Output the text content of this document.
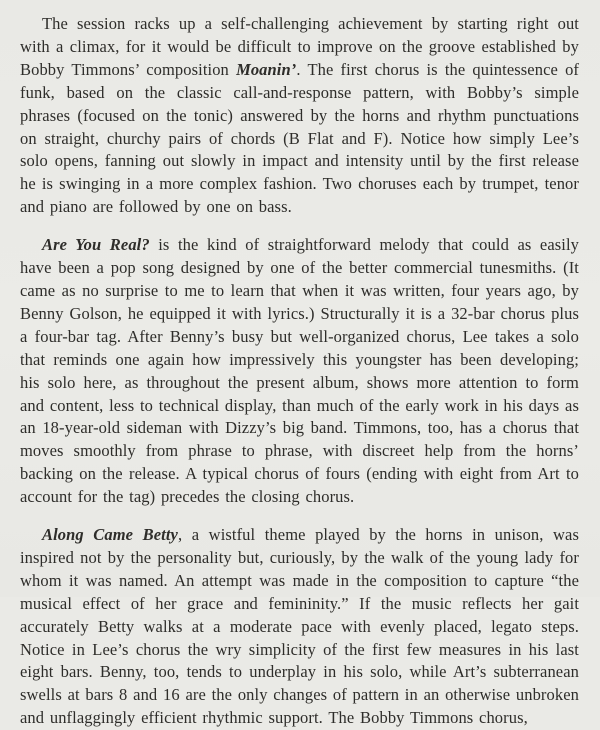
The session racks up a self-challenging achievement by starting right out with a climax, for it would be difficult to improve on the groove established by Bobby Timmons’ composition Moanin’. The first chorus is the quintessence of funk, based on the classic call-and-response pattern, with Bobby’s simple phrases (focused on the tonic) answered by the horns and rhythm punctuations on straight, churchy pairs of chords (B Flat and F). Notice how simply Lee’s solo opens, fanning out slowly in impact and intensity until by the first release he is swinging in a more complex fashion. Two choruses each by trumpet, tenor and piano are followed by one on bass.

Are You Real? is the kind of straightforward melody that could as easily have been a pop song designed by one of the better commercial tunesmiths. (It came as no surprise to me to learn that when it was written, four years ago, by Benny Golson, he equipped it with lyrics.) Structurally it is a 32-bar chorus plus a four-bar tag. After Benny’s busy but well-organized chorus, Lee takes a solo that reminds one again how impressively this youngster has been developing; his solo here, as throughout the present album, shows more attention to form and content, less to technical display, than much of the early work in his days as an 18-year-old sideman with Dizzy’s big band. Timmons, too, has a chorus that moves smoothly from phrase to phrase, with discreet help from the horns’ backing on the release. A typical chorus of fours (ending with eight from Art to account for the tag) precedes the closing chorus.

Along Came Betty, a wistful theme played by the horns in unison, was inspired not by the personality but, curiously, by the walk of the young lady for whom it was named. An attempt was made in the composition to capture “the musical effect of her grace and femininity.” If the music reflects her gait accurately Betty walks at a moderate pace with evenly placed, legato steps. Notice in Lee’s chorus the wry simplicity of the first few measures in his last eight bars. Benny, too, tends to underplay in his solo, while Art’s subterranean swells at bars 8 and 16 are the only changes of pattern in an otherwise unbroken and unflaggingly efficient rhythmic support. The Bobby Timmons chorus,
